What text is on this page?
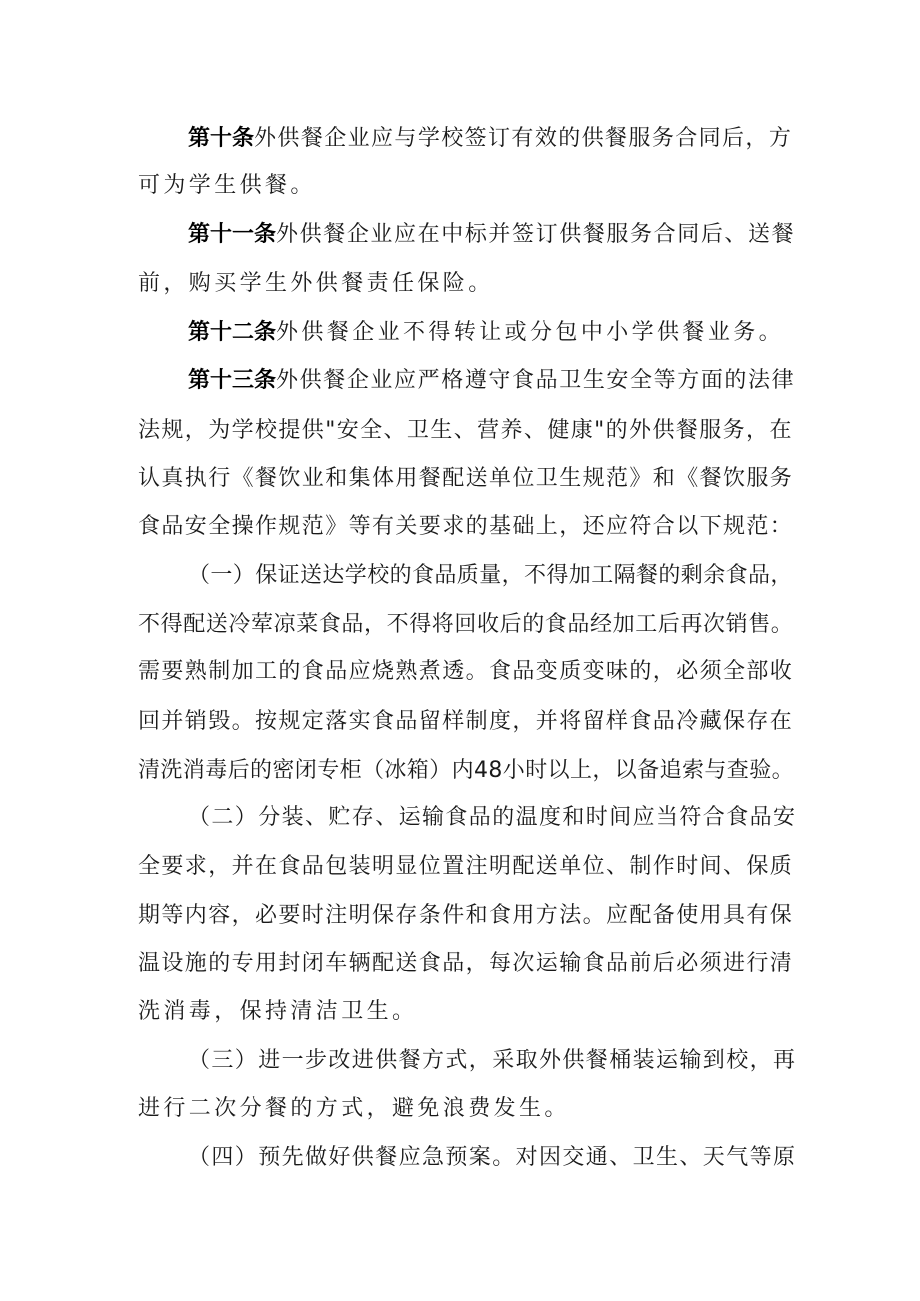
第十条外供餐企业应与学校签订有效的供餐服务合同后，方
可为学生供餐。
第十一条外供餐企业应在中标并签订供餐服务合同后、送餐
前，购买学生外供餐责任保险。
第十二条外供餐企业不得转让或分包中小学供餐业务。
第十三条外供餐企业应严格遵守食品卫生安全等方面的法律
法规，为学校提供"安全、卫生、营养、健康"的外供餐服务，在
认真执行《餐饮业和集体用餐配送单位卫生规范》和《餐饮服务
食品安全操作规范》等有关要求的基础上，还应符合以下规范：
（一）保证送达学校的食品质量，不得加工隔餐的剩余食品，
不得配送冷荤凉菜食品，不得将回收后的食品经加工后再次销售。
需要熟制加工的食品应烧熟煮透。食品变质变味的，必须全部收
回并销毁。按规定落实食品留样制度，并将留样食品冷藏保存在
清洗消毒后的密闭专柜（冰箱）内48小时以上，以备追索与查验。
（二）分装、贮存、运输食品的温度和时间应当符合食品安
全要求，并在食品包装明显位置注明配送单位、制作时间、保质
期等内容，必要时注明保存条件和食用方法。应配备使用具有保
温设施的专用封闭车辆配送食品，每次运输食品前后必须进行清
洗消毒，保持清洁卫生。
（三）进一步改进供餐方式，采取外供餐桶装运输到校，再
进行二次分餐的方式，避免浪费发生。
（四）预先做好供餐应急预案。对因交通、卫生、天气等原
